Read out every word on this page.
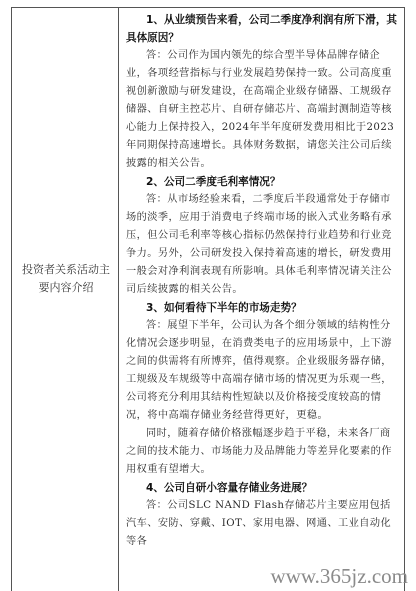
投资者关系活动主要内容介绍

1、从业绩预告来看，公司二季度净利润有所下滑，其具体原因？

答：公司作为国内领先的综合型半导体品牌存储企业，各项经营指标与行业发展趋势保持一致。公司高度重视创新激励与研发建设，在高端企业级存储器、工规级存储器、自研主控芯片、自研存储芯片、高端封测制造等核心能力上保持投入，2024年半年度研发费用相比于2023年同期保持高速增长。具体财务数据，请您关注公司后续披露的相关公告。

2、公司二季度毛利率情况？

答：从市场经验来看，二季度后半段通常处于存储市场的淡季，应用于消费电子终端市场的嵌入式业务略有承压，但公司毛利率等核心指标仍然保持行业趋势和行业竞争力。另外，公司研发投入保持着高速的增长，研发费用一般会对净利润表现有所影响。具体毛利率情况请关注公司后续披露的相关公告。

3、如何看待下半年的市场走势？

答：展望下半年，公司认为各个细分领域的结构性分化情况会逐步明显，在消费类电子的应用场景中，上下游之间的供需将有所博弈，值得观察。企业级服务器存储，工规级及车规级等中高端存储市场的情况更为乐观一些，公司将充分利用其结构性短缺以及价格接受度较高的情况，将中高端存储业务经营得更好，更稳。

同时，随着存储价格涨幅逐步趋于平稳，未来各厂商之间的技术能力、市场能力及品牌能力等差异化要素的作用权重有望增大。

4、公司自研小容量存储业务进展？

答：公司SLC NAND Flash存储芯片主要应用包括汽车、安防、穿戴、IOT、家用电器、网通、工业自动化等各

www.365jz.com
